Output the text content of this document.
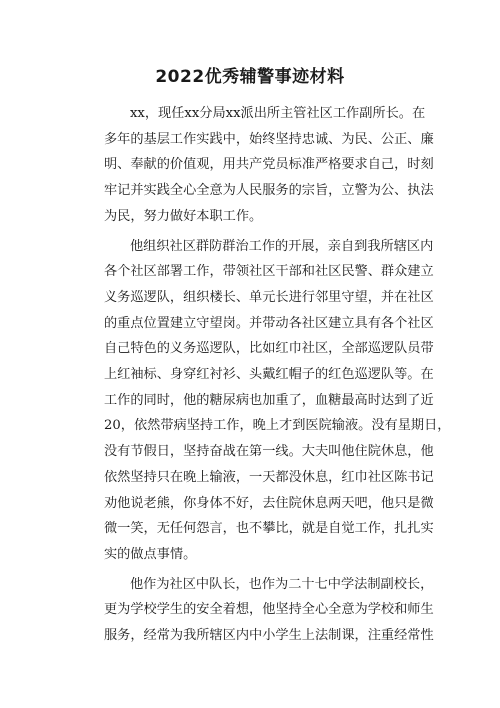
2022优秀辅警事迹材料
xx，现任xx分局xx派出所主管社区工作副所长。在
多年的基层工作实践中，始终坚持忠诚、为民、公正、廉
明、奉献的价值观，用共产党员标准严格要求自己，时刻
牢记并实践全心全意为人民服务的宗旨，立警为公、执法
为民，努力做好本职工作。
他组织社区群防群治工作的开展，亲自到我所辖区内
各个社区部署工作，带领社区干部和社区民警、群众建立
义务巡逻队，组织楼长、单元长进行邻里守望，并在社区
的重点位置建立守望岗。并带动各社区建立具有各个社区
自己特色的义务巡逻队，比如红巾社区，全部巡逻队员带
上红袖标、身穿红衬衫、头戴红帽子的红色巡逻队等。在
工作的同时，他的糖尿病也加重了，血糖最高时达到了近
20，依然带病坚持工作，晚上才到医院输液。没有星期日，
没有节假日，坚持奋战在第一线。大夫叫他住院休息，他
依然坚持只在晚上输液，一天都没休息，红巾社区陈书记
劝他说老熊，你身体不好，去住院休息两天吧，他只是微
微一笑，无任何怨言，也不攀比，就是自觉工作，扎扎实
实的做点事情。
他作为社区中队长，也作为二十七中学法制副校长，
更为学校学生的安全着想，他坚持全心全意为学校和师生
服务，经常为我所辖区内中小学生上法制课，注重经常性
